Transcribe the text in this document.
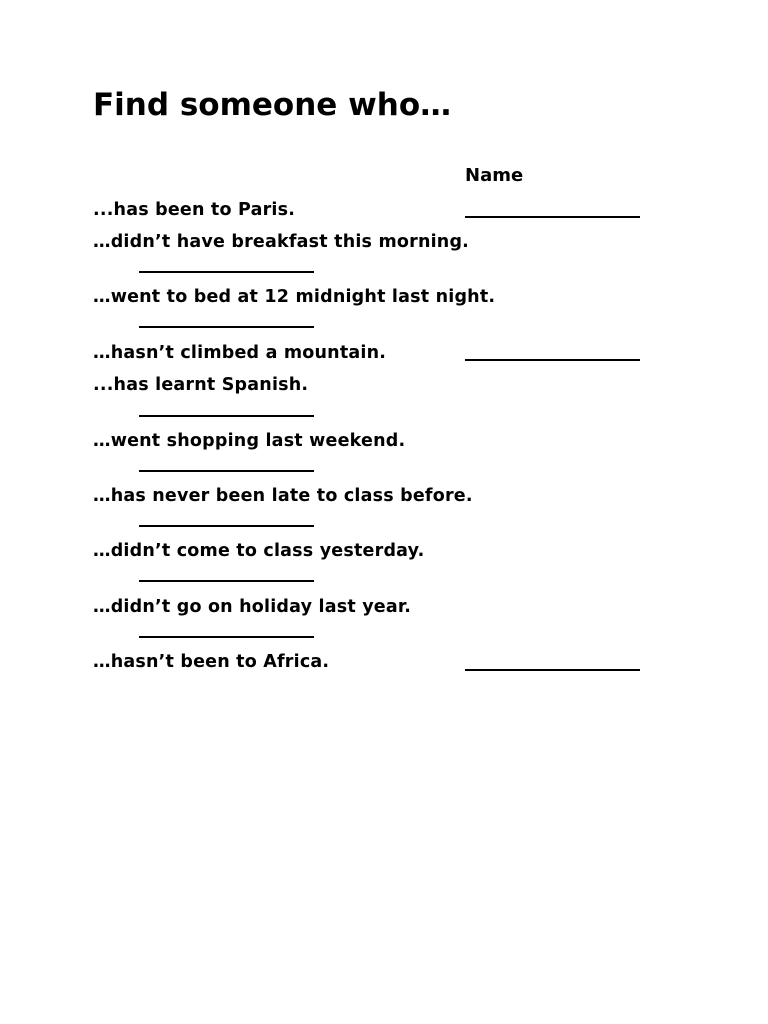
Find someone who…
Name
...has been to Paris.
…didn’t have breakfast this morning.
…went to bed at 12 midnight last night.
…hasn’t climbed a mountain.
...has learnt Spanish.
…went shopping last weekend.
…has never been late to class before.
…didn’t come to class yesterday.
…didn’t go on holiday last year.
…hasn’t been to Africa.
